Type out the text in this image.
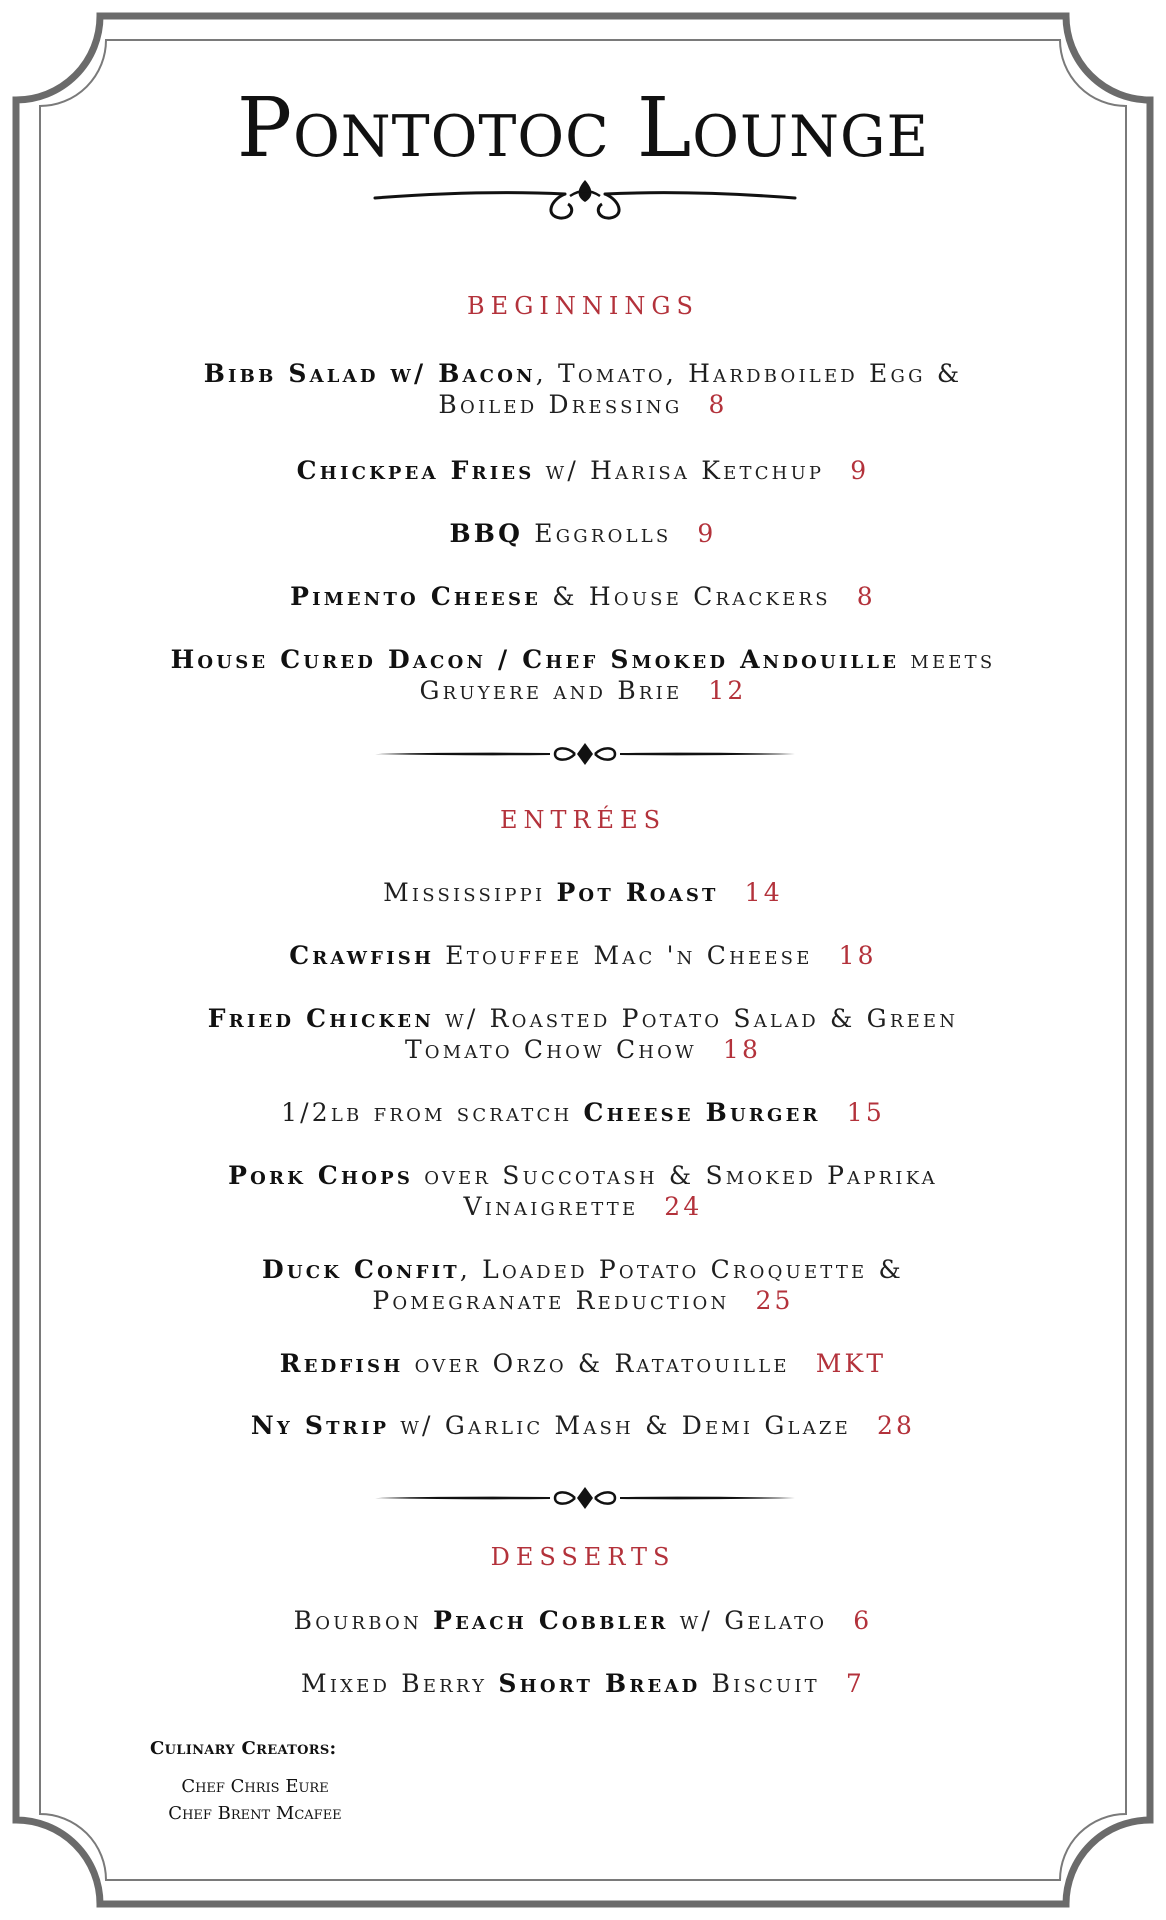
Pontotoc Lounge
BEGINNINGS
Bibb Salad w/ Bacon, Tomato, Hardboiled Egg &
Boiled Dressing 8
Chickpea Fries w/ Harisa Ketchup 9
BBQ Eggrolls 9
Pimento Cheese & House Crackers 8
House Cured Dacon / Chef Smoked Andouille meets
Gruyere and Brie 12
ENTRÉES
Mississippi Pot Roast 14
Crawfish Etouffee Mac 'n Cheese 18
Fried Chicken w/ Roasted Potato Salad & Green
Tomato Chow Chow 18
1/2lb from scratch Cheese Burger 15
Pork Chops over Succotash & Smoked Paprika
Vinaigrette 24
Duck Confit, Loaded Potato Croquette &
Pomegranate Reduction 25
Redfish over Orzo & Ratatouille MKT
Ny Strip w/ Garlic Mash & Demi Glaze 28
DESSERTS
Bourbon Peach Cobbler w/ Gelato 6
Mixed Berry Short Bread Biscuit 7
Culinary Creators:
Chef Chris Eure
Chef Brent Mcafee
